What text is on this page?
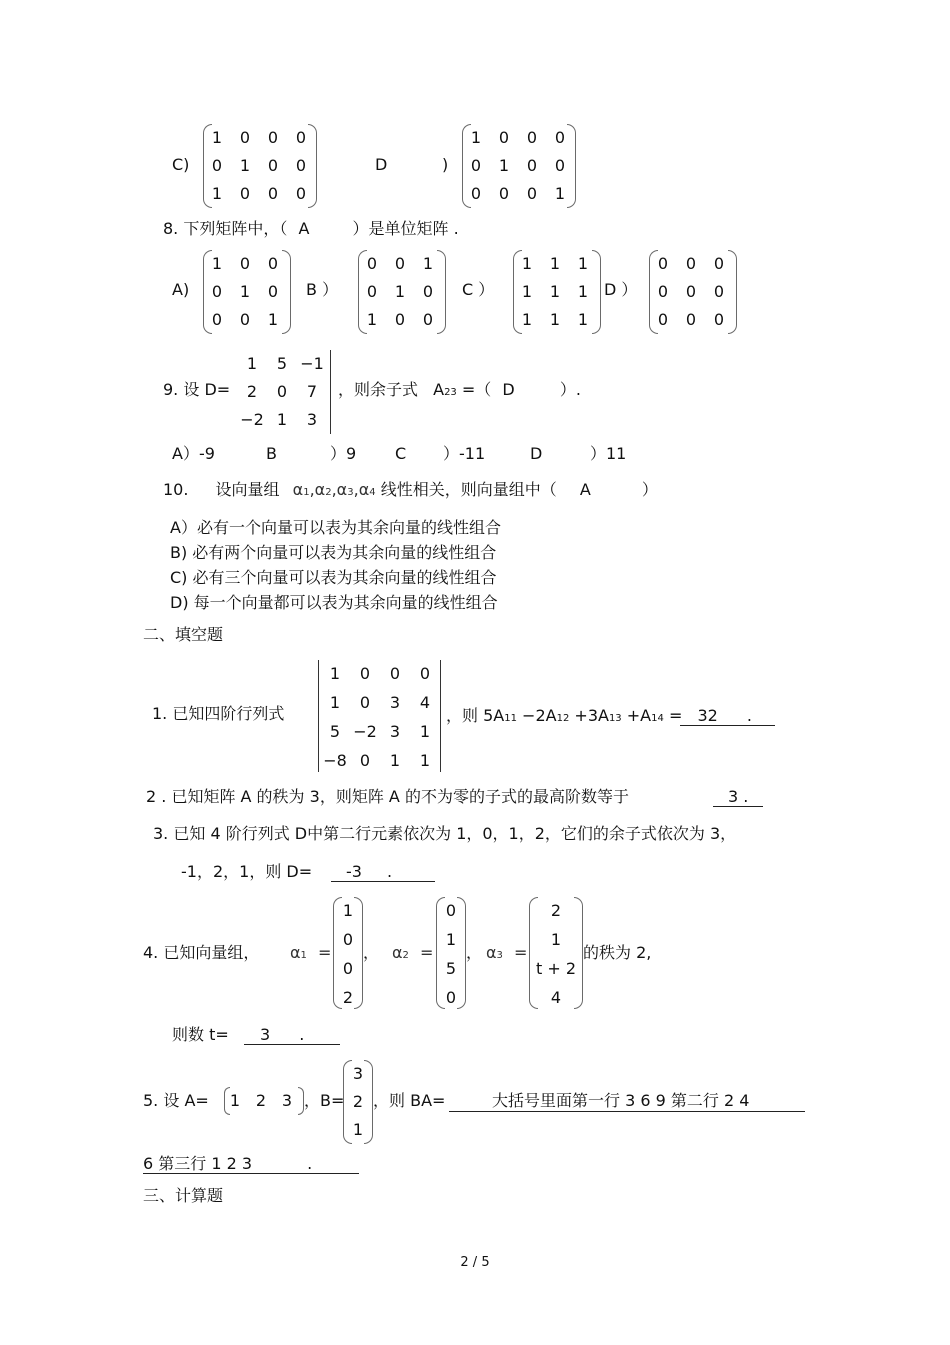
C)
1	0	0	0
0	1	0	0
1	0	0	0
D	)
1	0	0	0
0	1	0	0
0	0	0	1
8. 下列矩阵中，（ A	）是单位矩阵 .
A)
1	0	0
0	1	0
0	0	1
B ）
0	0	1
0	1	0
1	0	0
C ）
1	1	1
1	1	1
1	1	1
D ）
0	0	0
0	0	0
0	0	0
9. 设 D=
1	5 −1
2	0	7
−2 1	3
，则余子式 A23 =（ D	）.
A）-9	B	）9 C ）-11	D	）11
10. 设向量组 α1,α2,α3,α4 线性相关，则向量组中（ A	）
A）必有一个向量可以表为其余向量的线性组合
B) 必有两个向量可以表为其余向量的线性组合
C) 必有三个向量可以表为其余向量的线性组合
D) 每一个向量都可以表为其余向量的线性组合
二、填空题
1. 已知四阶行列式
1	0	0	0
1	0	3	4
5 −2 3	1
−8 0	1	1
，则 5A11 −2A12 +3A13 +A14 = 32 .
2 . 已知矩阵 A 的秩为 3，则矩阵 A 的不为零的子式的最高阶数等于	3 .
3. 已知 4 阶行列式 D中第二行元素依次为 1，0，1，2，它们的余子式依次为 3，
-1，2，1，则 D= -3 .
4. 已知向量组， α1 =
1
0
0
2
， α2 =
0
1
5
0
， α3 =
2
1
t + 2
4
的秩为 2,
则数 t= 3 .
5. 设 A=	1 2 3 ，B=
3
2
1
，则 BA=	大括号里面第一行 3 6 9 第二行 2 4
6 第三行 1 2 3	.
三、计算题
2 / 5
